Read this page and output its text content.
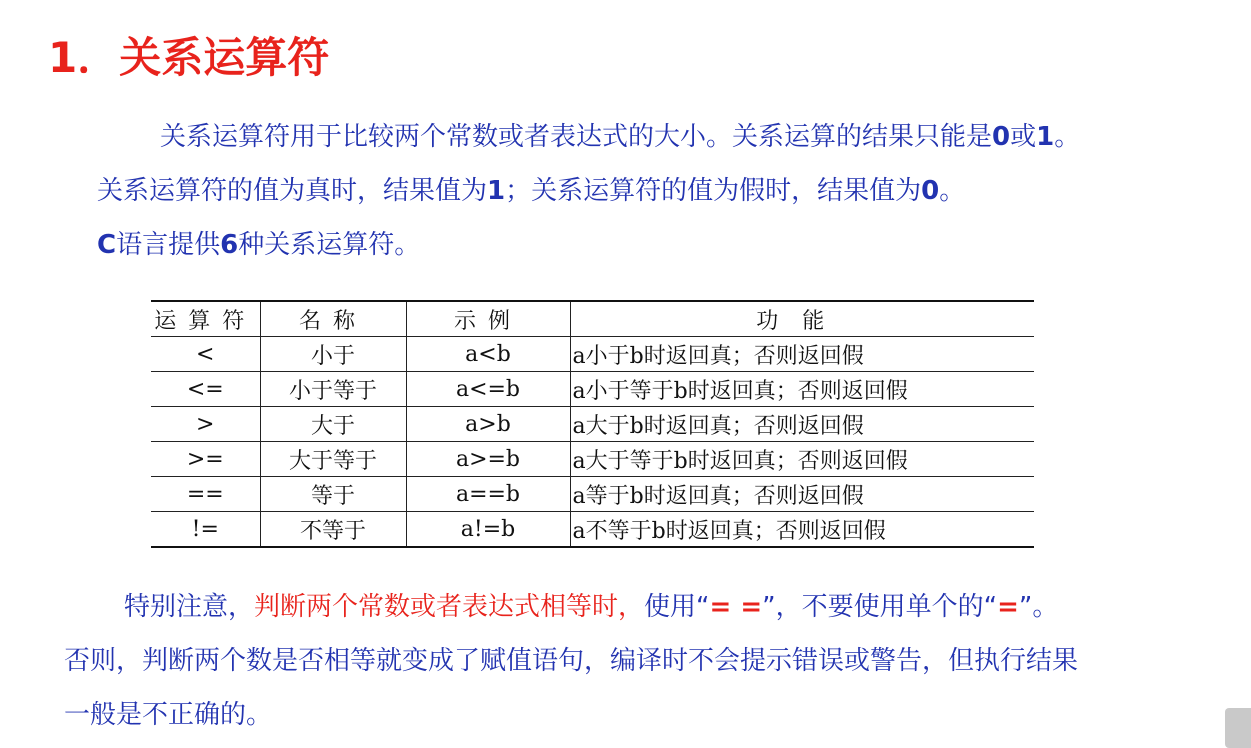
1．关系运算符
关系运算符用于比较两个常数或者表达式的大小。关系运算的结果只能是0或1。
关系运算符的值为真时，结果值为1；关系运算符的值为假时，结果值为0。
C语言提供6种关系运算符。
运算符	名称	示例	功能
<	小于	a<b	a小于b时返回真；否则返回假
<=	小于等于	a<=b	a小于等于b时返回真；否则返回假
>	大于	a>b	a大于b时返回真；否则返回假
>=	大于等于	a>=b	a大于等于b时返回真；否则返回假
==	等于	a==b	a等于b时返回真；否则返回假
!=	不等于	a!=b	a不等于b时返回真；否则返回假
特别注意，判断两个常数或者表达式相等时，使用“= =”，不要使用单个的“=”。
否则，判断两个数是否相等就变成了赋值语句，编译时不会提示错误或警告，但执行结果
一般是不正确的。
